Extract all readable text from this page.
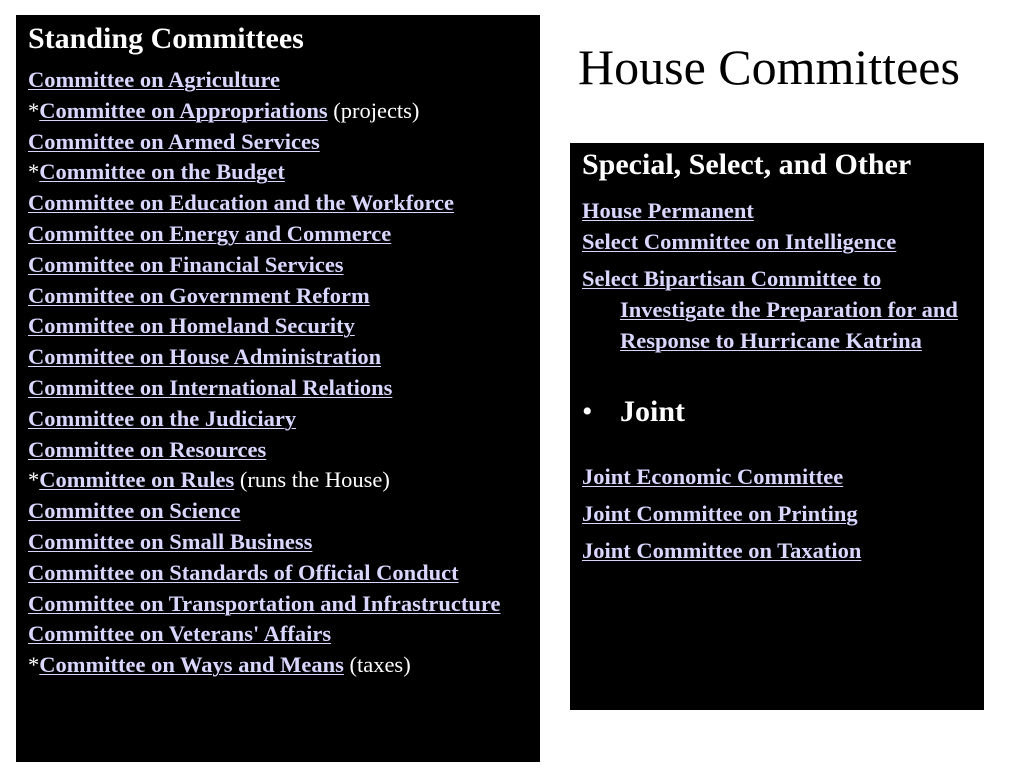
House Committees
Standing Committees
Committee on Agriculture
*Committee on Appropriations (projects)
Committee on Armed Services
*Committee on the Budget
Committee on Education and the Workforce
Committee on Energy and Commerce
Committee on Financial Services
Committee on Government Reform
Committee on Homeland Security
Committee on House Administration
Committee on International Relations
Committee on the Judiciary
Committee on Resources
*Committee on Rules (runs the House)
Committee on Science
Committee on Small Business
Committee on Standards of Official Conduct
Committee on Transportation and Infrastructure
Committee on Veterans' Affairs
*Committee on Ways and Means (taxes)
Special, Select, and Other
House Permanent
Select Committee on Intelligence
Select Bipartisan Committee to Investigate the Preparation for and Response to Hurricane Katrina
• Joint
Joint Economic Committee
Joint Committee on Printing
Joint Committee on Taxation
